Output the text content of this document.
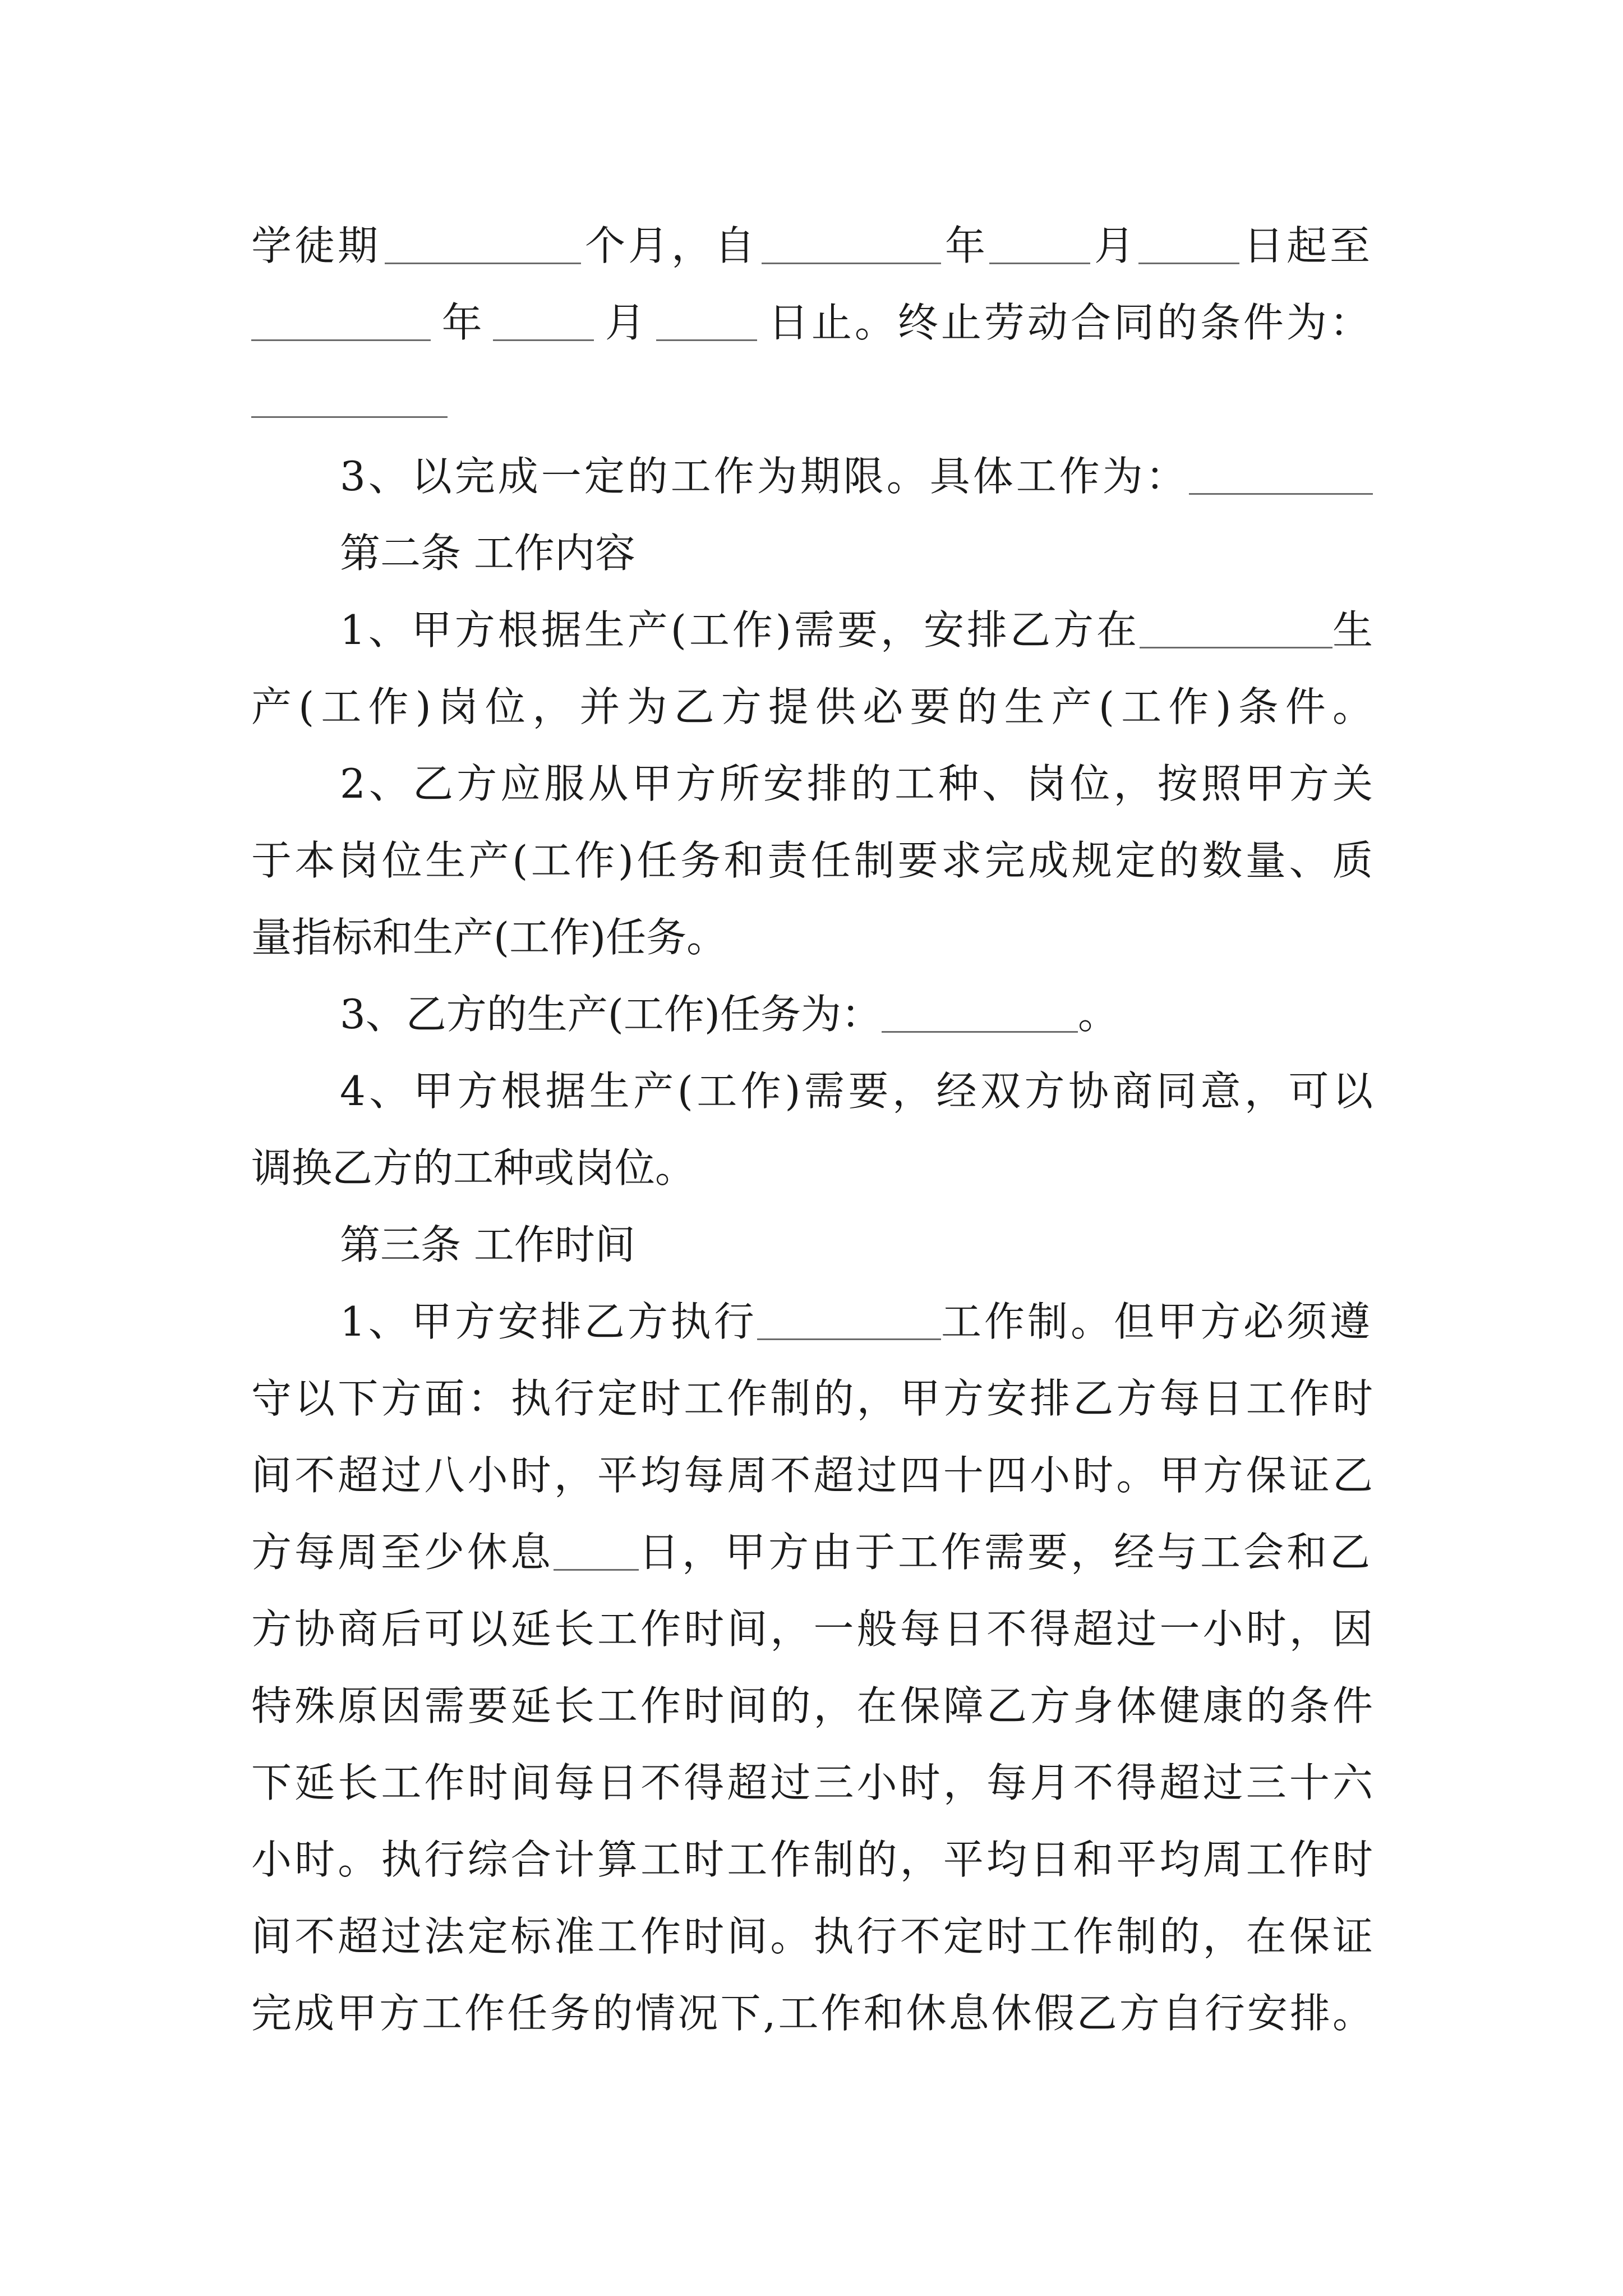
学徒期	个月，自	年	月	日起至
年	月	日止。终止劳动合同的条件为：
3、以完成一定的工作为期限。具体工作为：
第二条 工作内容
1、甲方根据生产(工作)需要，安排乙方在	生
产(工作)岗位，并为乙方提供必要的生产(工作)条件。
2、乙方应服从甲方所安排的工种、岗位，按照甲方关
于本岗位生产(工作)任务和责任制要求完成规定的数量、质
量指标和生产(工作)任务。
3、乙方的生产(工作)任务为：	。
4、甲方根据生产(工作)需要，经双方协商同意，可以
调换乙方的工种或岗位。
第三条 工作时间
1、甲方安排乙方执行	工作制。但甲方必须遵
守以下方面：执行定时工作制的，甲方安排乙方每日工作时
间不超过八小时，平均每周不超过四十四小时。甲方保证乙
方每周至少休息 日，甲方由于工作需要，经与工会和乙
方协商后可以延长工作时间，一般每日不得超过一小时，因
特殊原因需要延长工作时间的，在保障乙方身体健康的条件
下延长工作时间每日不得超过三小时，每月不得超过三十六
小时。执行综合计算工时工作制的，平均日和平均周工作时
间不超过法定标准工作时间。执行不定时工作制的，在保证
完成甲方工作任务的情况下,工作和休息休假乙方自行安排。
